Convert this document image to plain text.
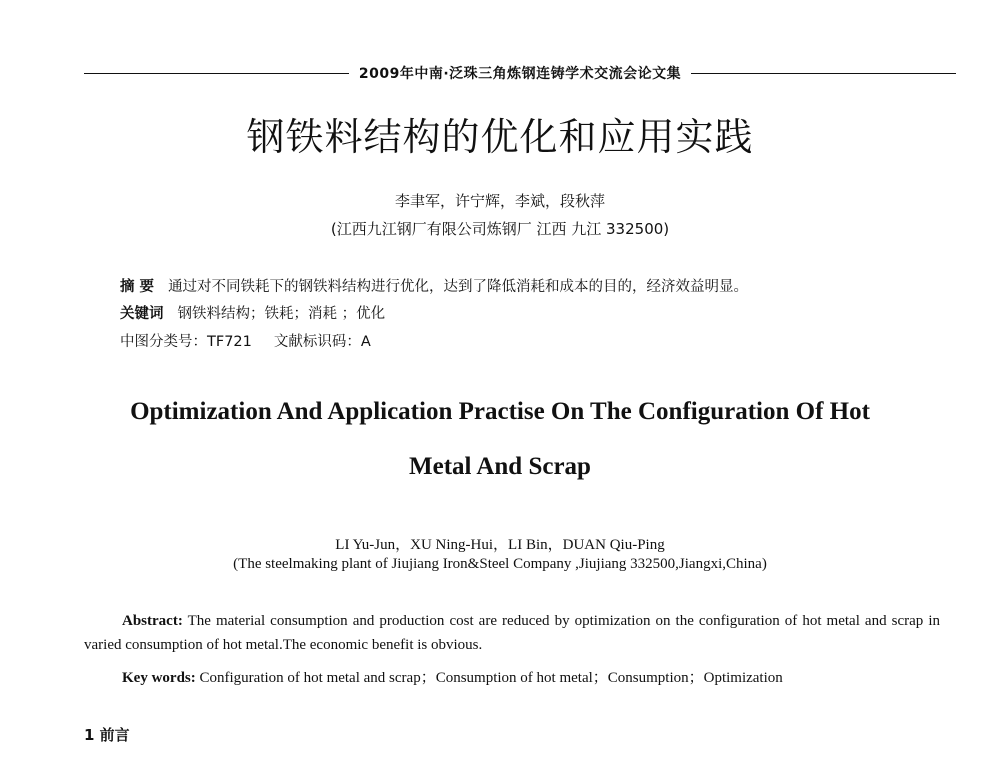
2009年中南·泛珠三角炼钢连铸学术交流会论文集
钢铁料结构的优化和应用实践
李聿军，许宁辉，李斌，段秋萍
(江西九江钢厂有限公司炼钢厂 江西 九江 332500)
摘 要 通过对不同铁耗下的钢铁料结构进行优化，达到了降低消耗和成本的目的，经济效益明显。
关键词 钢铁料结构；铁耗；消耗 ；优化
中图分类号：TF721 文献标识码：A
Optimization And Application Practise On The Configuration Of Hot
Metal And Scrap
LI Yu-Jun，XU Ning-Hui，LI Bin，DUAN Qiu-Ping
(The steelmaking plant of Jiujiang Iron&Steel Company ,Jiujiang 332500,Jiangxi,China)
Abstract: The material consumption and production cost are reduced by optimization on the configuration of hot metal and scrap in varied consumption of hot metal.The economic benefit is obvious.
Key words: Configuration of hot metal and scrap；Consumption of hot metal；Consumption；Optimization
1 前言
